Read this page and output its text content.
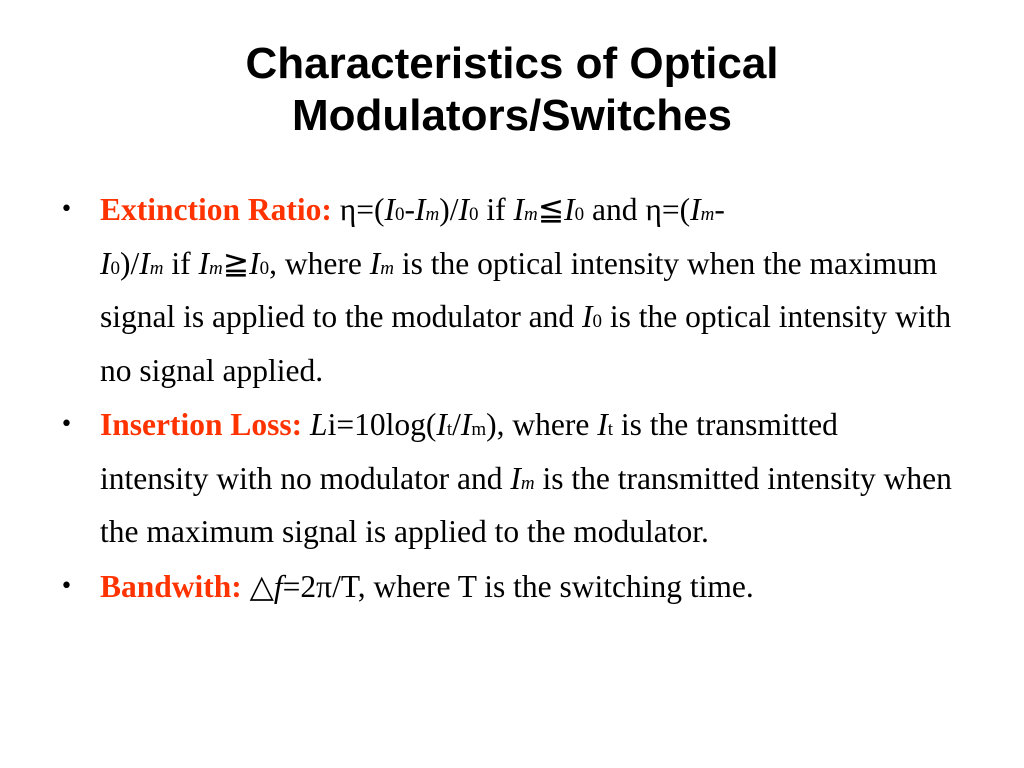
Characteristics of Optical
Modulators/Switches
• Extinction Ratio: η=(I0-Im)/I0 if Im≦I0 and η=(Im-
I0)/Im if Im≧I0, where Im is the optical intensity when the maximum signal is applied to the modulator and I0 is the optical intensity with no signal applied.
• Insertion Loss: Li=10log(It/Im), where It is the transmitted intensity with no modulator and Im is the transmitted intensity when the maximum signal is applied to the modulator.
• Bandwith: △f=2π/T, where T is the switching time.
